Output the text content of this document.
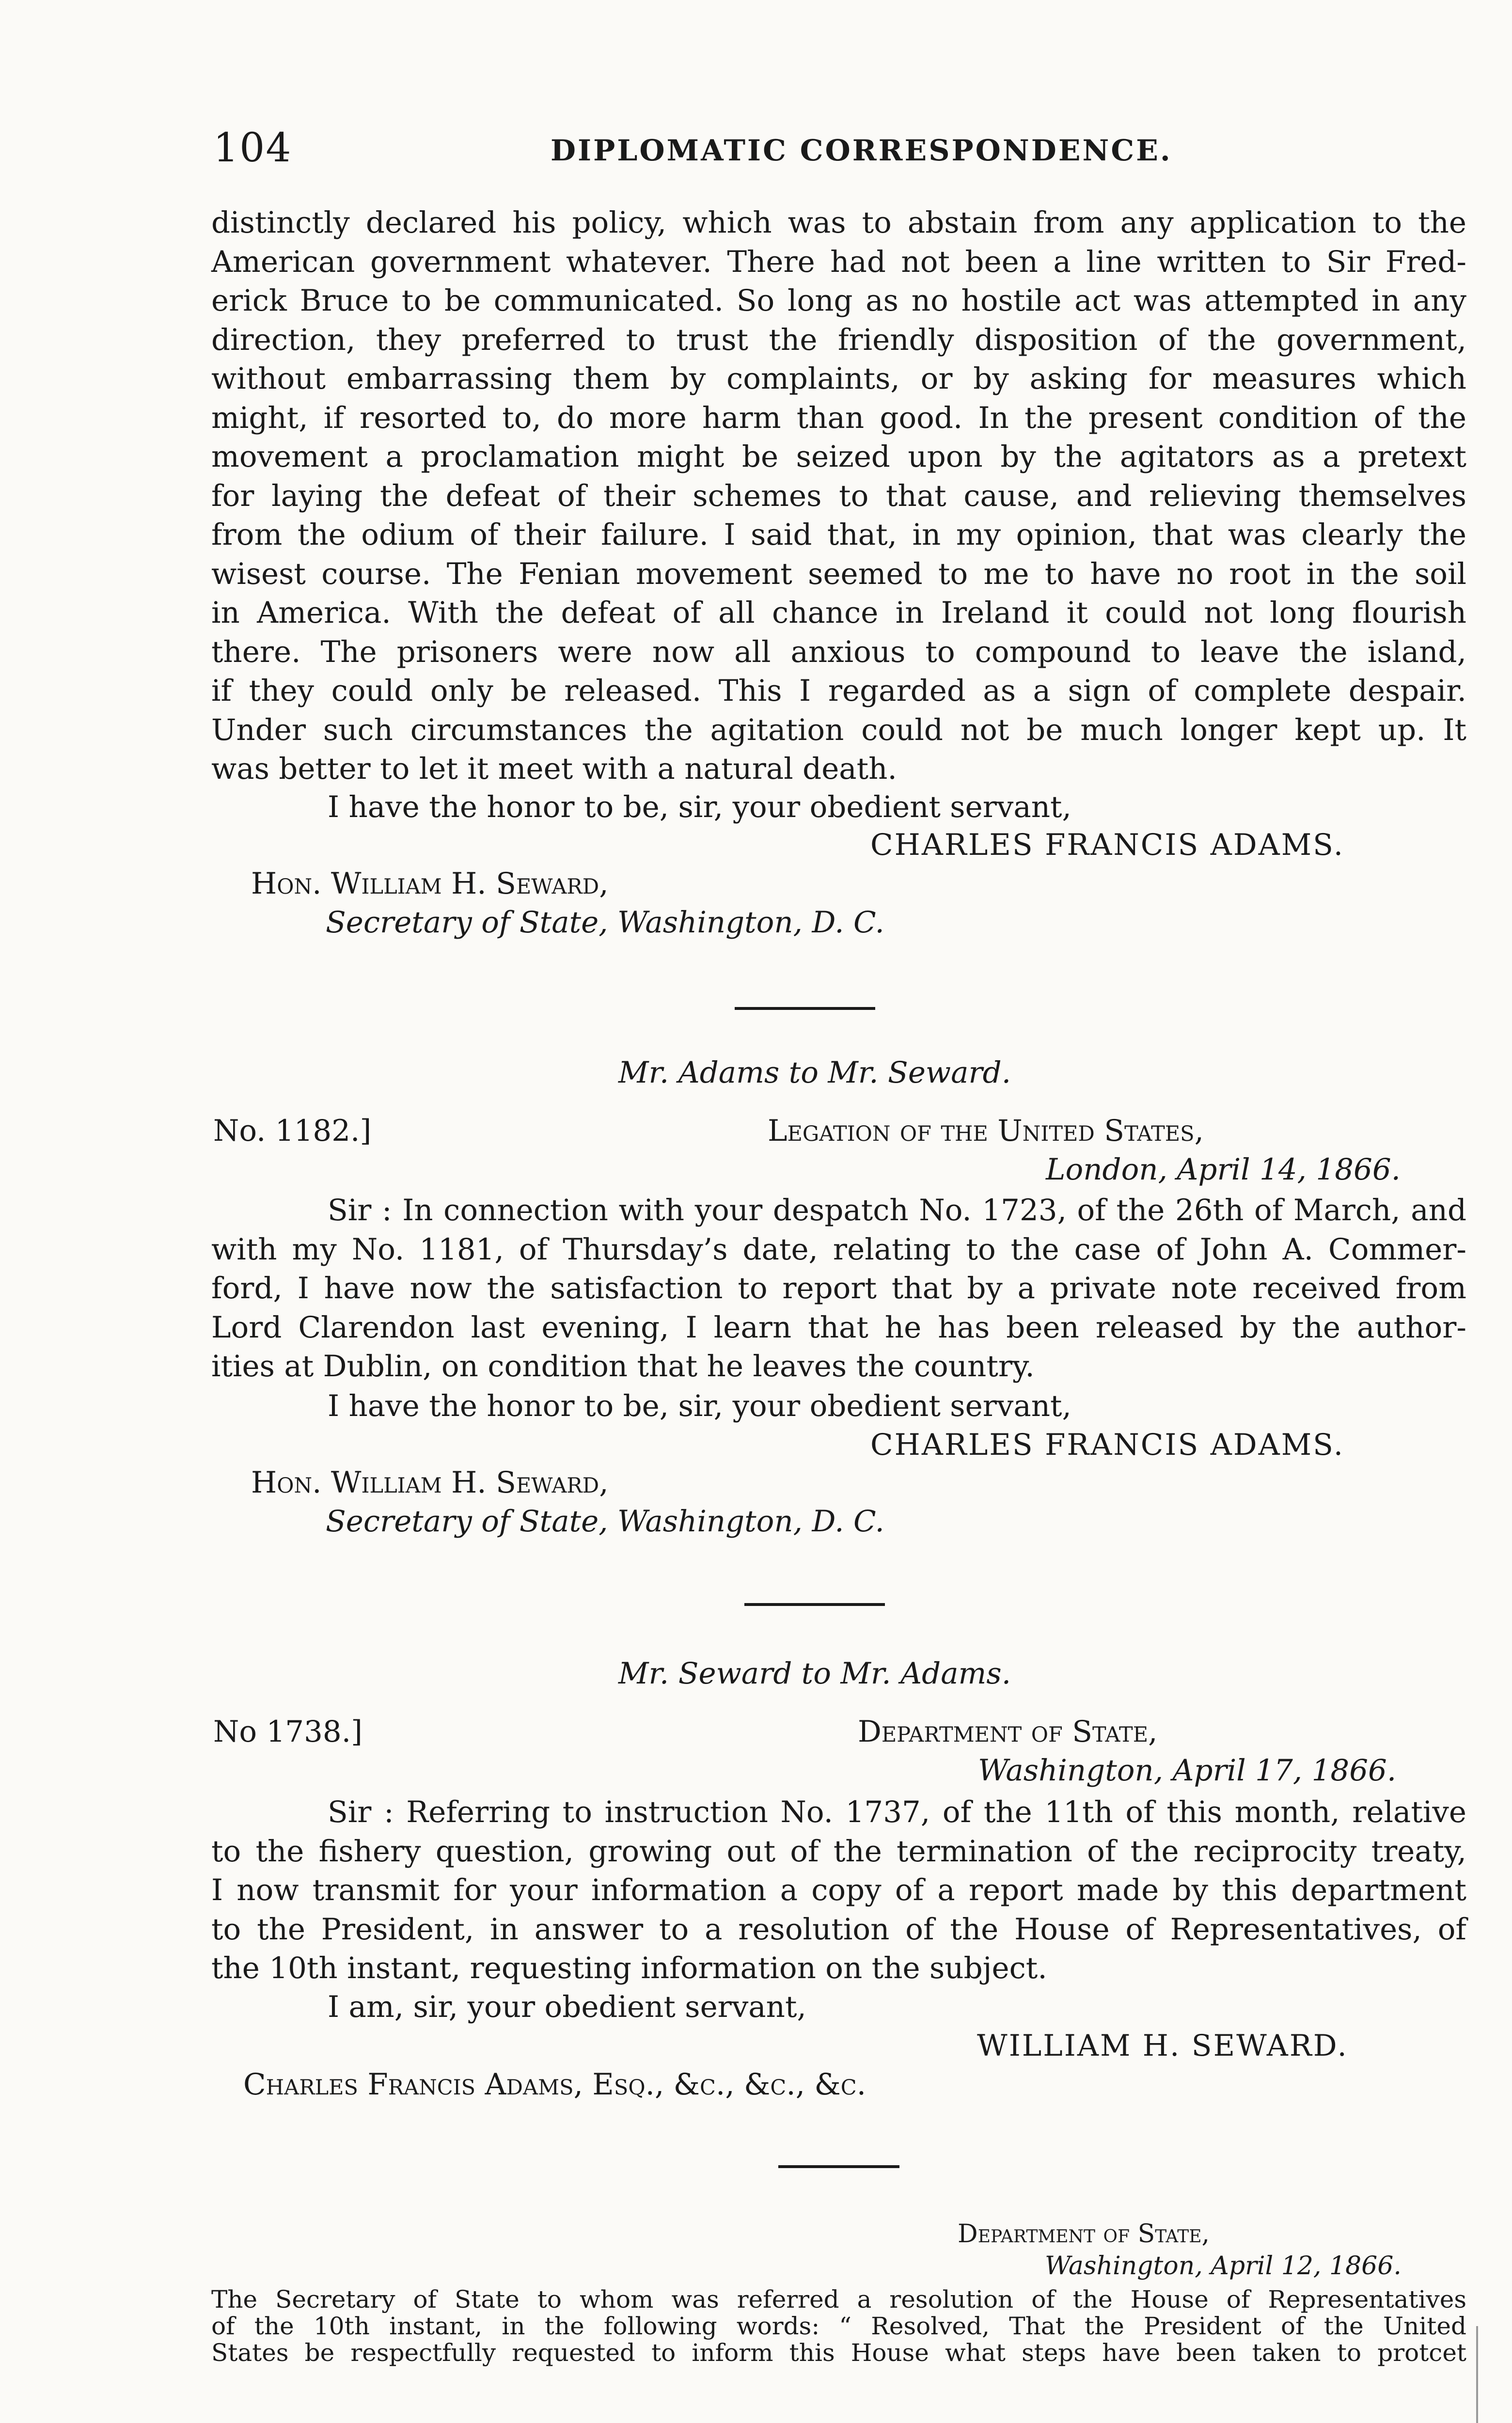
104	DIPLOMATIC CORRESPONDENCE.
distinctly declared his policy, which was to abstain from any application to the
American government whatever. There had not been a line written to Sir Fred-
erick Bruce to be communicated. So long as no hostile act was attempted in any
direction, they preferred to trust the friendly disposition of the government,
without embarrassing them by complaints, or by asking for measures which
might, if resorted to, do more harm than good. In the present condition of the
movement a proclamation might be seized upon by the agitators as a pretext
for laying the defeat of their schemes to that cause, and relieving themselves
from the odium of their failure. I said that, in my opinion, that was clearly the
wisest course. The Fenian movement seemed to me to have no root in the soil
in America. With the defeat of all chance in Ireland it could not long flourish
there. The prisoners were now all anxious to compound to leave the island,
if they could only be released. This I regarded as a sign of complete despair.
Under such circumstances the agitation could not be much longer kept up. It
was better to let it meet with a natural death.
I have the honor to be, sir, your obedient servant,
CHARLES FRANCIS ADAMS.
Hon. William H. Seward,
Secretary of State, Washington, D. C.
Mr. Adams to Mr. Seward.
No. 1182.]	Legation of the United States,
London, April 14, 1866.
Sir : In connection with your despatch No. 1723, of the 26th of March, and
with my No. 1181, of Thursday’s date, relating to the case of John A. Commer-
ford, I have now the satisfaction to report that by a private note received from
Lord Clarendon last evening, I learn that he has been released by the author-
ities at Dublin, on condition that he leaves the country.
I have the honor to be, sir, your obedient servant,
CHARLES FRANCIS ADAMS.
Hon. William H. Seward,
Secretary of State, Washington, D. C.
Mr. Seward to Mr. Adams.
No 1738.]	Department of State,
Washington, April 17, 1866.
Sir : Referring to instruction No. 1737, of the 11th of this month, relative
to the fishery question, growing out of the termination of the reciprocity treaty,
I now transmit for your information a copy of a report made by this department
to the President, in answer to a resolution of the House of Representatives, of
the 10th instant, requesting information on the subject.
I am, sir, your obedient servant,
WILLIAM H. SEWARD.
Charles Francis Adams, Esq., &c., &c., &c.
Department of State,
Washington, April 12, 1866.
The Secretary of State to whom was referred a resolution of the House of Representatives
of the 10th instant, in the following words: “ Resolved, That the President of the United
States be respectfully requested to inform this House what steps have been taken to protcet
